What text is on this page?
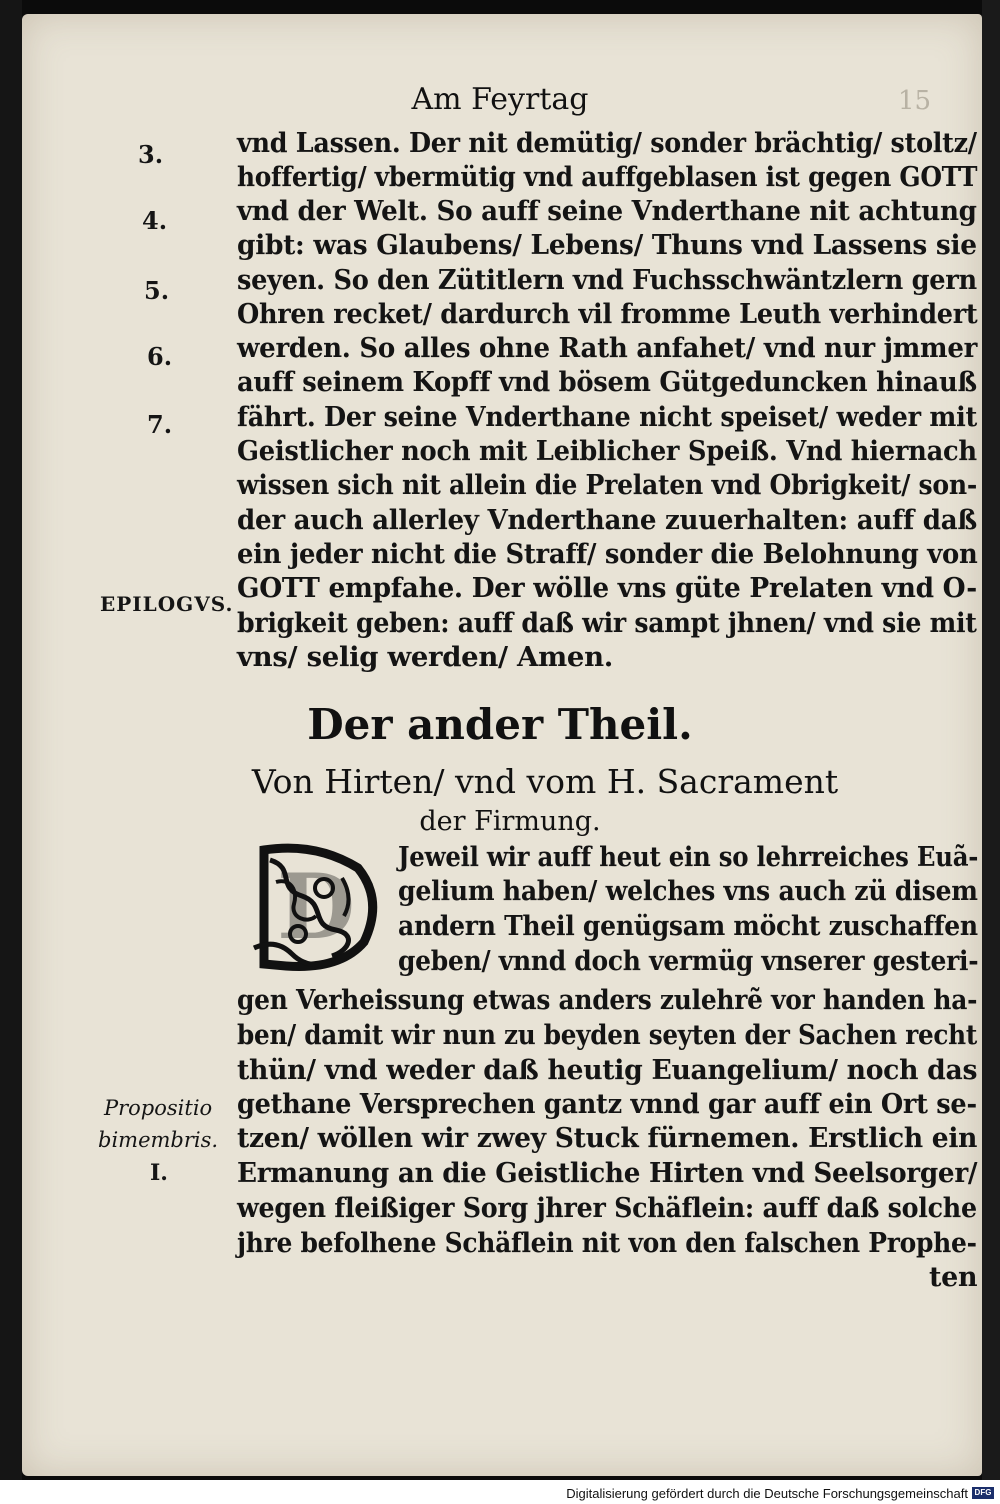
Am Feyrtag	15
3.
4.
5.
6.
7.
EPILOGVS.
vnd Lassen. Der nit demütig/ sonder brächtig/ stoltz/
hoffertig/ vbermütig vnd auffgeblasen ist gegen GOTT
vnd der Welt. So auff seine Vnderthane nit achtung
gibt: was Glaubens/ Lebens/ Thuns vnd Lassens sie
seyen. So den Zütitlern vnd Fuchsschwäntzlern gern
Ohren recket/ dardurch vil fromme Leuth verhindert
werden. So alles ohne Rath anfahet/ vnd nur jmmer
auff seinem Kopff vnd bösem Gütgeduncken hinauß
fährt. Der seine Vnderthane nicht speiset/ weder mit
Geistlicher noch mit Leiblicher Speiß. Vnd hiernach
wissen sich nit allein die Prelaten vnd Obrigkeit/ son-
der auch allerley Vnderthane zuuerhalten: auff daß
ein jeder nicht die Straff/ sonder die Belohnung von
GOTT empfahe. Der wölle vns güte Prelaten vnd O-
brigkeit geben: auff daß wir sampt jhnen/ vnd sie mit
vns/ selig werden/ Amen.
Der ander Theil.
Von Hirten/ vnd vom H. Sacrament
der Firmung.
D Jeweil wir auff heut ein so lehrreiches Euã-
gelium haben/ welches vns auch zü disem
andern Theil genügsam möcht zuschaffen
geben/ vnnd doch vermüg vnserer gesteri-
gen Verheissung etwas anders zulehrẽ vor handen ha-
ben/ damit wir nun zu beyden seyten der Sachen recht
thün/ vnd weder daß heutig Euangelium/ noch das
gethane Versprechen gantz vnnd gar auff ein Ort se-
tzen/ wöllen wir zwey Stuck fürnemen. Erstlich ein
Ermanung an die Geistliche Hirten vnd Seelsorger/
wegen fleißiger Sorg jhrer Schäflein: auff daß solche
jhre befolhene Schäflein nit von den falschen Prophe-
ten
Propositio
bimembris.
I.
Digitalisierung gefördert durch die Deutsche Forschungsgemeinschaft DFG
